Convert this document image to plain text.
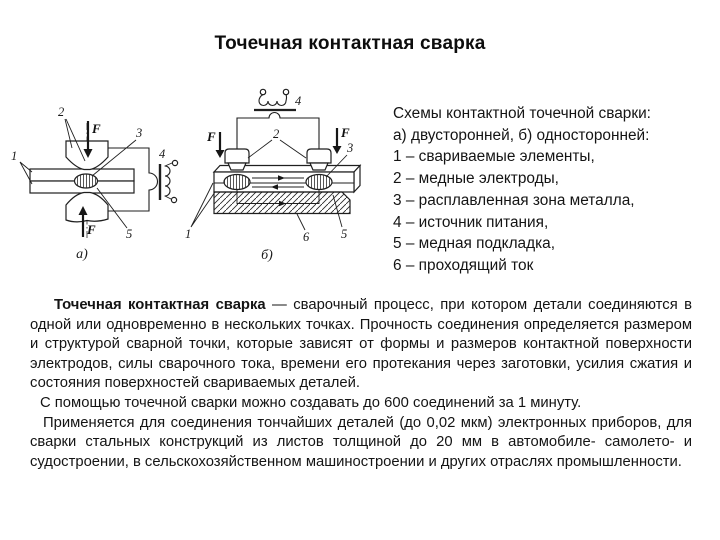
Точечная контактная сварка
F
F
2
1
3
4
5
а)
F	F
4
2
3
1	6	5
б)
Схемы контактной точечной сварки:
а) двусторонней, б) односторонней:
1 – свариваемые элементы,
2 – медные электроды,
3 – расплавленная зона металла,
4 – источник питания,
5 – медная подкладка,
6 – проходящий ток

Точечная контактная сварка — сварочный процесс, при котором детали соединяются в одной или одновременно в нескольких точках. Прочность соединения определяется размером и структурой сварной точки, которые зависят от формы и размеров контактной поверхности электродов, силы сварочного тока, времени его протекания через заготовки, усилия сжатия и состояния поверхностей свариваемых деталей.

С помощью точечной сварки можно создавать до 600 соединений за 1 минуту.

Применяется для соединения тончайших деталей (до 0,02 мкм) электронных приборов, для сварки стальных конструкций из листов толщиной до 20 мм в автомобиле- самолето- и судостроении, в сельскохозяйственном машиностроении и других отраслях промышленности.
